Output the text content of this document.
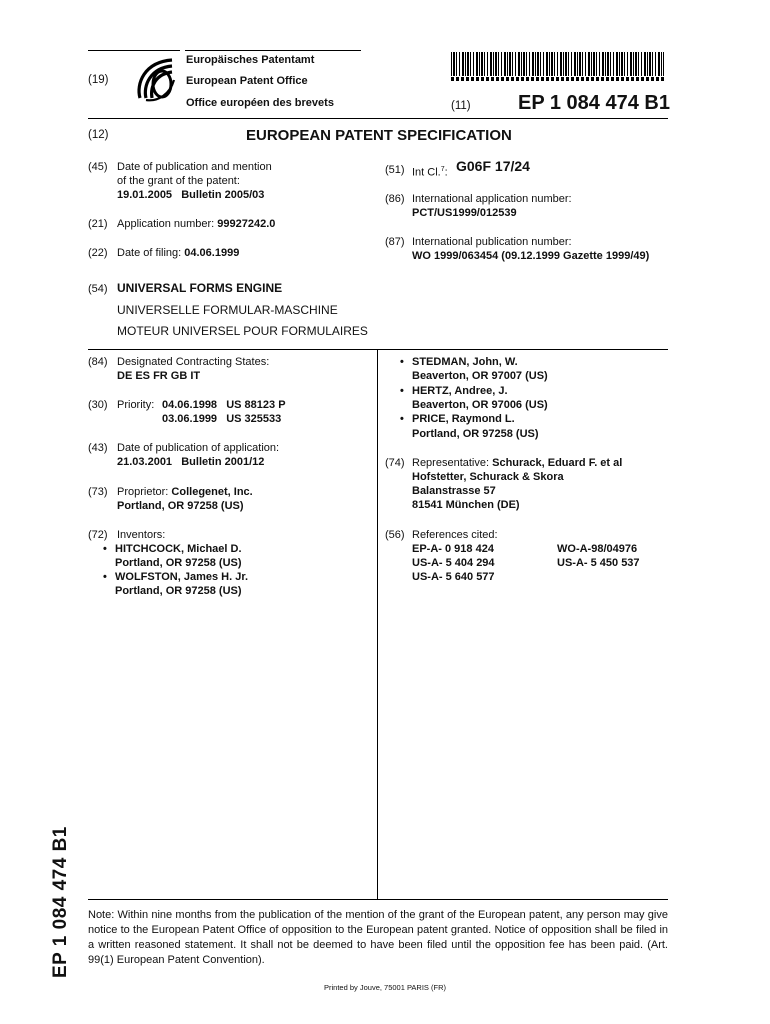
(19)
Europäisches Patentamt
European Patent Office
Office européen des brevets	(11) EP 1 084 474 B1
(12)	EUROPEAN PATENT SPECIFICATION
(45) Date of publication and mention
of the grant of the patent:
19.01.2005   Bulletin 2005/03
(21) Application number: 99927242.0
(22) Date of filing: 04.06.1999
(51) Int Cl.$^7$: G06F 17/24
(86) International application number:
PCT/US1999/012539
(87) International publication number:
WO 1999/063454 (09.12.1999 Gazette 1999/49)
(54) UNIVERSAL FORMS ENGINE
UNIVERSELLE FORMULAR-MASCHINE
MOTEUR UNIVERSEL POUR FORMULAIRES
(84) Designated Contracting States:
DE ES FR GB IT
(30) Priority: 04.06.1998   US 88123 P
03.06.1999   US 325533
(43) Date of publication of application:
21.03.2001   Bulletin 2001/12
(73) Proprietor: Collegenet, Inc.
Portland, OR 97258 (US)
(72) Inventors:
• HITCHCOCK, Michael D.
Portland, OR 97258 (US)
• WOLFSTON, James H. Jr.
Portland, OR 97258 (US)
• STEDMAN, John, W.
Beaverton, OR 97007 (US)
• HERTZ, Andree, J.
Beaverton, OR 97006 (US)
• PRICE, Raymond L.
Portland, OR 97258 (US)
(74) Representative: Schurack, Eduard F. et al
Hofstetter, Schurack & Skora
Balanstrasse 57
81541 München (DE)
(56) References cited:
EP-A- 0 918 424
US-A- 5 404 294
US-A- 5 640 577
WO-A-98/04976
US-A- 5 450 537
EP 1 084 474 B1 Note: Within nine months from the publication of the mention of the grant of the European patent, any person may give notice to the European Patent Office of opposition to the European patent granted. Notice of opposition shall be filed in a written reasoned statement. It shall not be deemed to have been filed until the opposition fee has been paid. (Art. 99(1) European Patent Convention).
Printed by Jouve, 75001 PARIS (FR)
